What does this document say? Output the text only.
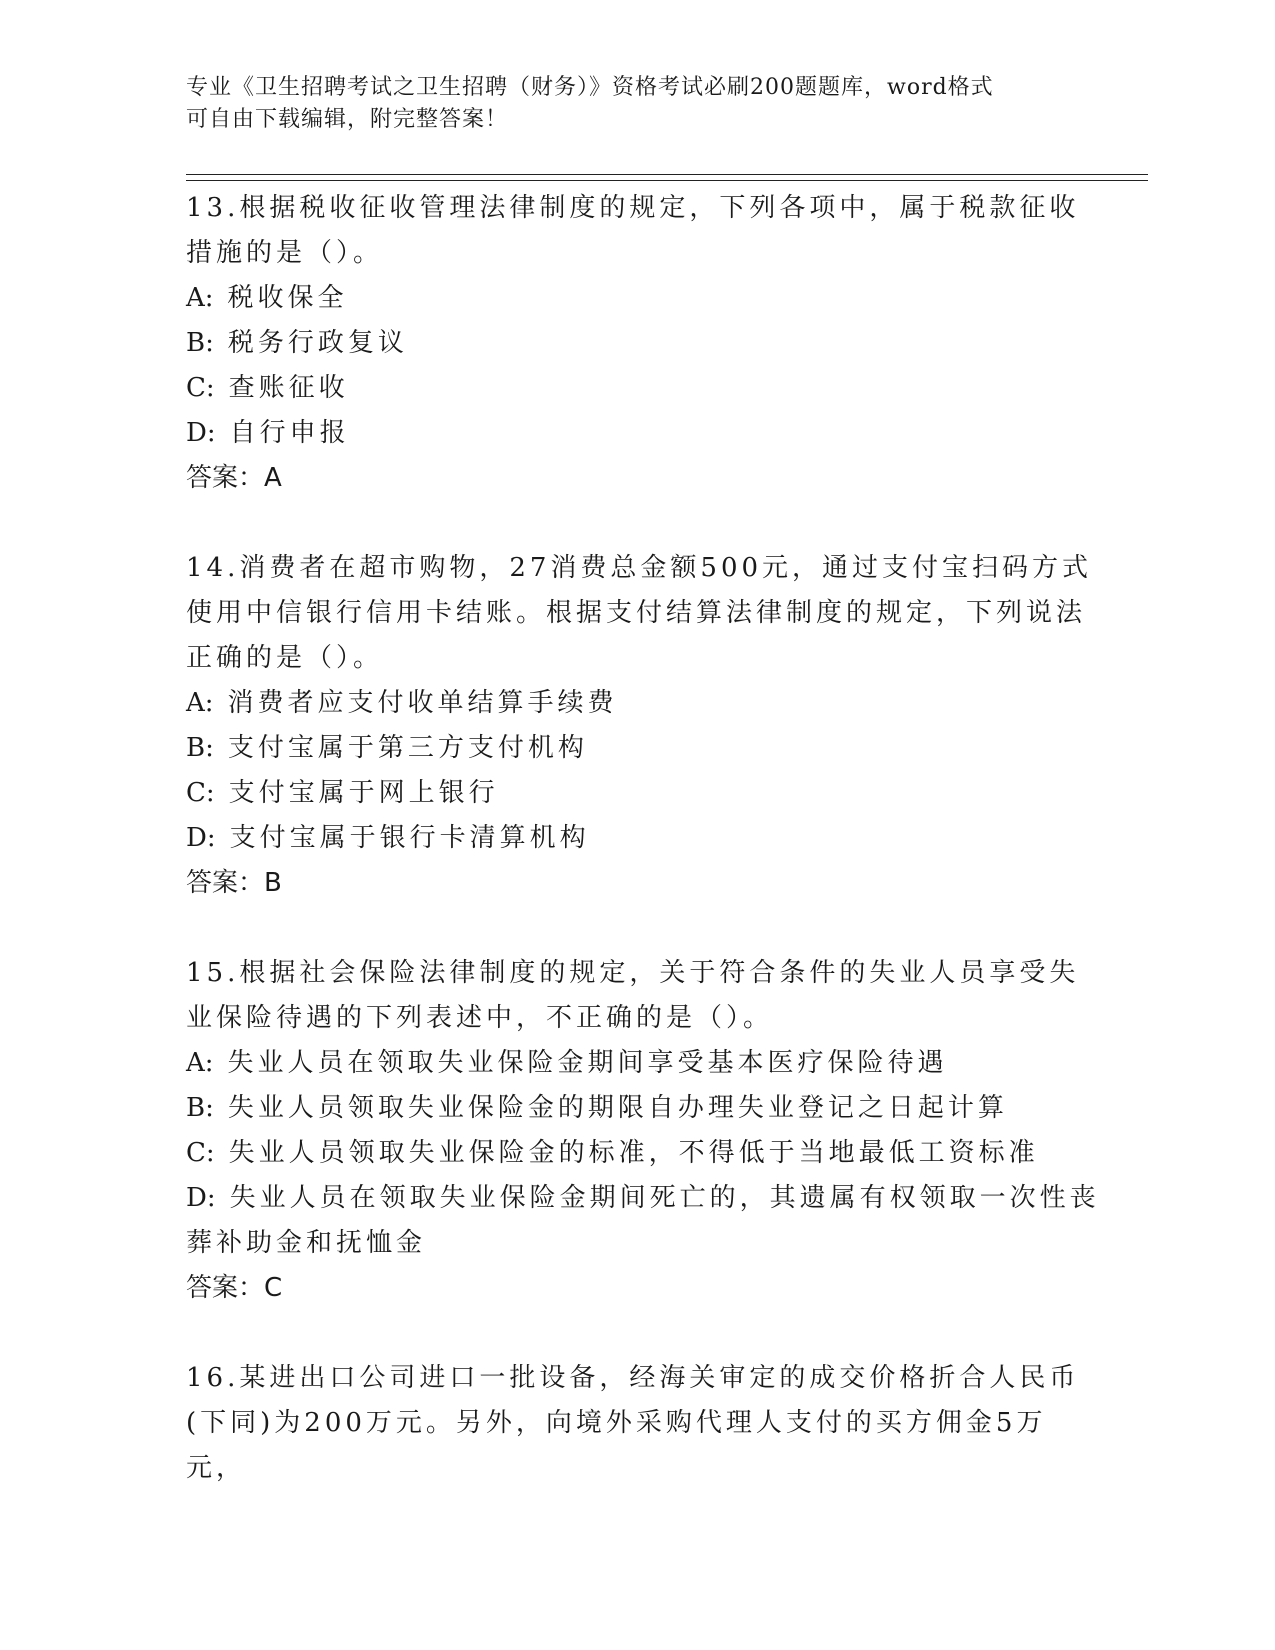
专业《卫生招聘考试之卫生招聘（财务）》资格考试必刷200题题库，word格式
可自由下载编辑，附完整答案！
13.根据税收征收管理法律制度的规定，下列各项中，属于税款征收措施的是（）。
A: 税收保全
B: 税务行政复议
C: 查账征收
D: 自行申报
答案：A
14.消费者在超市购物，27消费总金额500元，通过支付宝扫码方式使用中信银行信用卡结账。根据支付结算法律制度的规定，下列说法正确的是（）。
A: 消费者应支付收单结算手续费
B: 支付宝属于第三方支付机构
C: 支付宝属于网上银行
D: 支付宝属于银行卡清算机构
答案：B
15.根据社会保险法律制度的规定，关于符合条件的失业人员享受失业保险待遇的下列表述中，不正确的是（）。
A: 失业人员在领取失业保险金期间享受基本医疗保险待遇
B: 失业人员领取失业保险金的期限自办理失业登记之日起计算
C: 失业人员领取失业保险金的标准，不得低于当地最低工资标准
D: 失业人员在领取失业保险金期间死亡的，其遗属有权领取一次性丧葬补助金和抚恤金
答案：C
16.某进出口公司进口一批设备，经海关审定的成交价格折合人民币(下同)为200万元。另外，向境外采购代理人支付的买方佣金5万元，
